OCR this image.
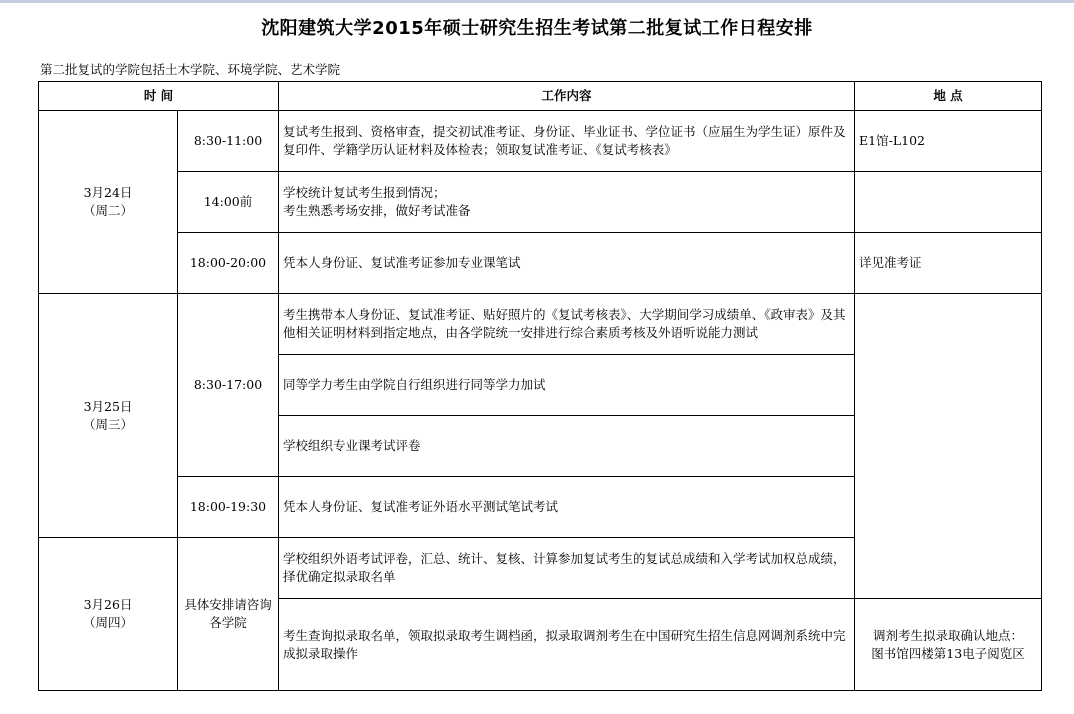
沈阳建筑大学2015年硕士研究生招生考试第二批复试工作日程安排
第二批复试的学院包括土木学院、环境学院、艺术学院
时 间		工作内容	地 点

3月24日
（周二）	8:30-11:00	复试考生报到、资格审查，提交初试准考证、身份证、毕业证书、学位证书（应届生为学生证）原件及复印件、学籍学历认证材料及体检表；领取复试准考证、《复试考核表》	E1馆-L102
	14:00前	学校统计复试考生报到情况；
考生熟悉考场安排，做好考试准备	

	18:00-20:00	凭本人身份证、复试准考证参加专业课笔试	详见准考证

3月25日
（周三）	8:30-17:00	考生携带本人身份证、复试准考证、贴好照片的《复试考核表》、大学期间学习成绩单、《政审表》及其他相关证明材料到指定地点，由各学院统一安排进行综合素质考核及外语听说能力测试	
		同等学力考生由学院自行组织进行同等学力加试	
		学校组织专业课考试评卷	
	18:00-19:30	凭本人身份证、复试准考证外语水平测试笔试考试	

3月26日
（周四）	具体安排请咨询各学院	学校组织外语考试评卷，汇总、统计、复核、计算参加复试考生的复试总成绩和入学考试加权总成绩，择优确定拟录取名单	
		考生查询拟录取名单，领取拟录取考生调档函，拟录取调剂考生在中国研究生招生信息网调剂系统中完成拟录取操作	调剂考生拟录取确认地点：
图书馆四楼第13电子阅览区
